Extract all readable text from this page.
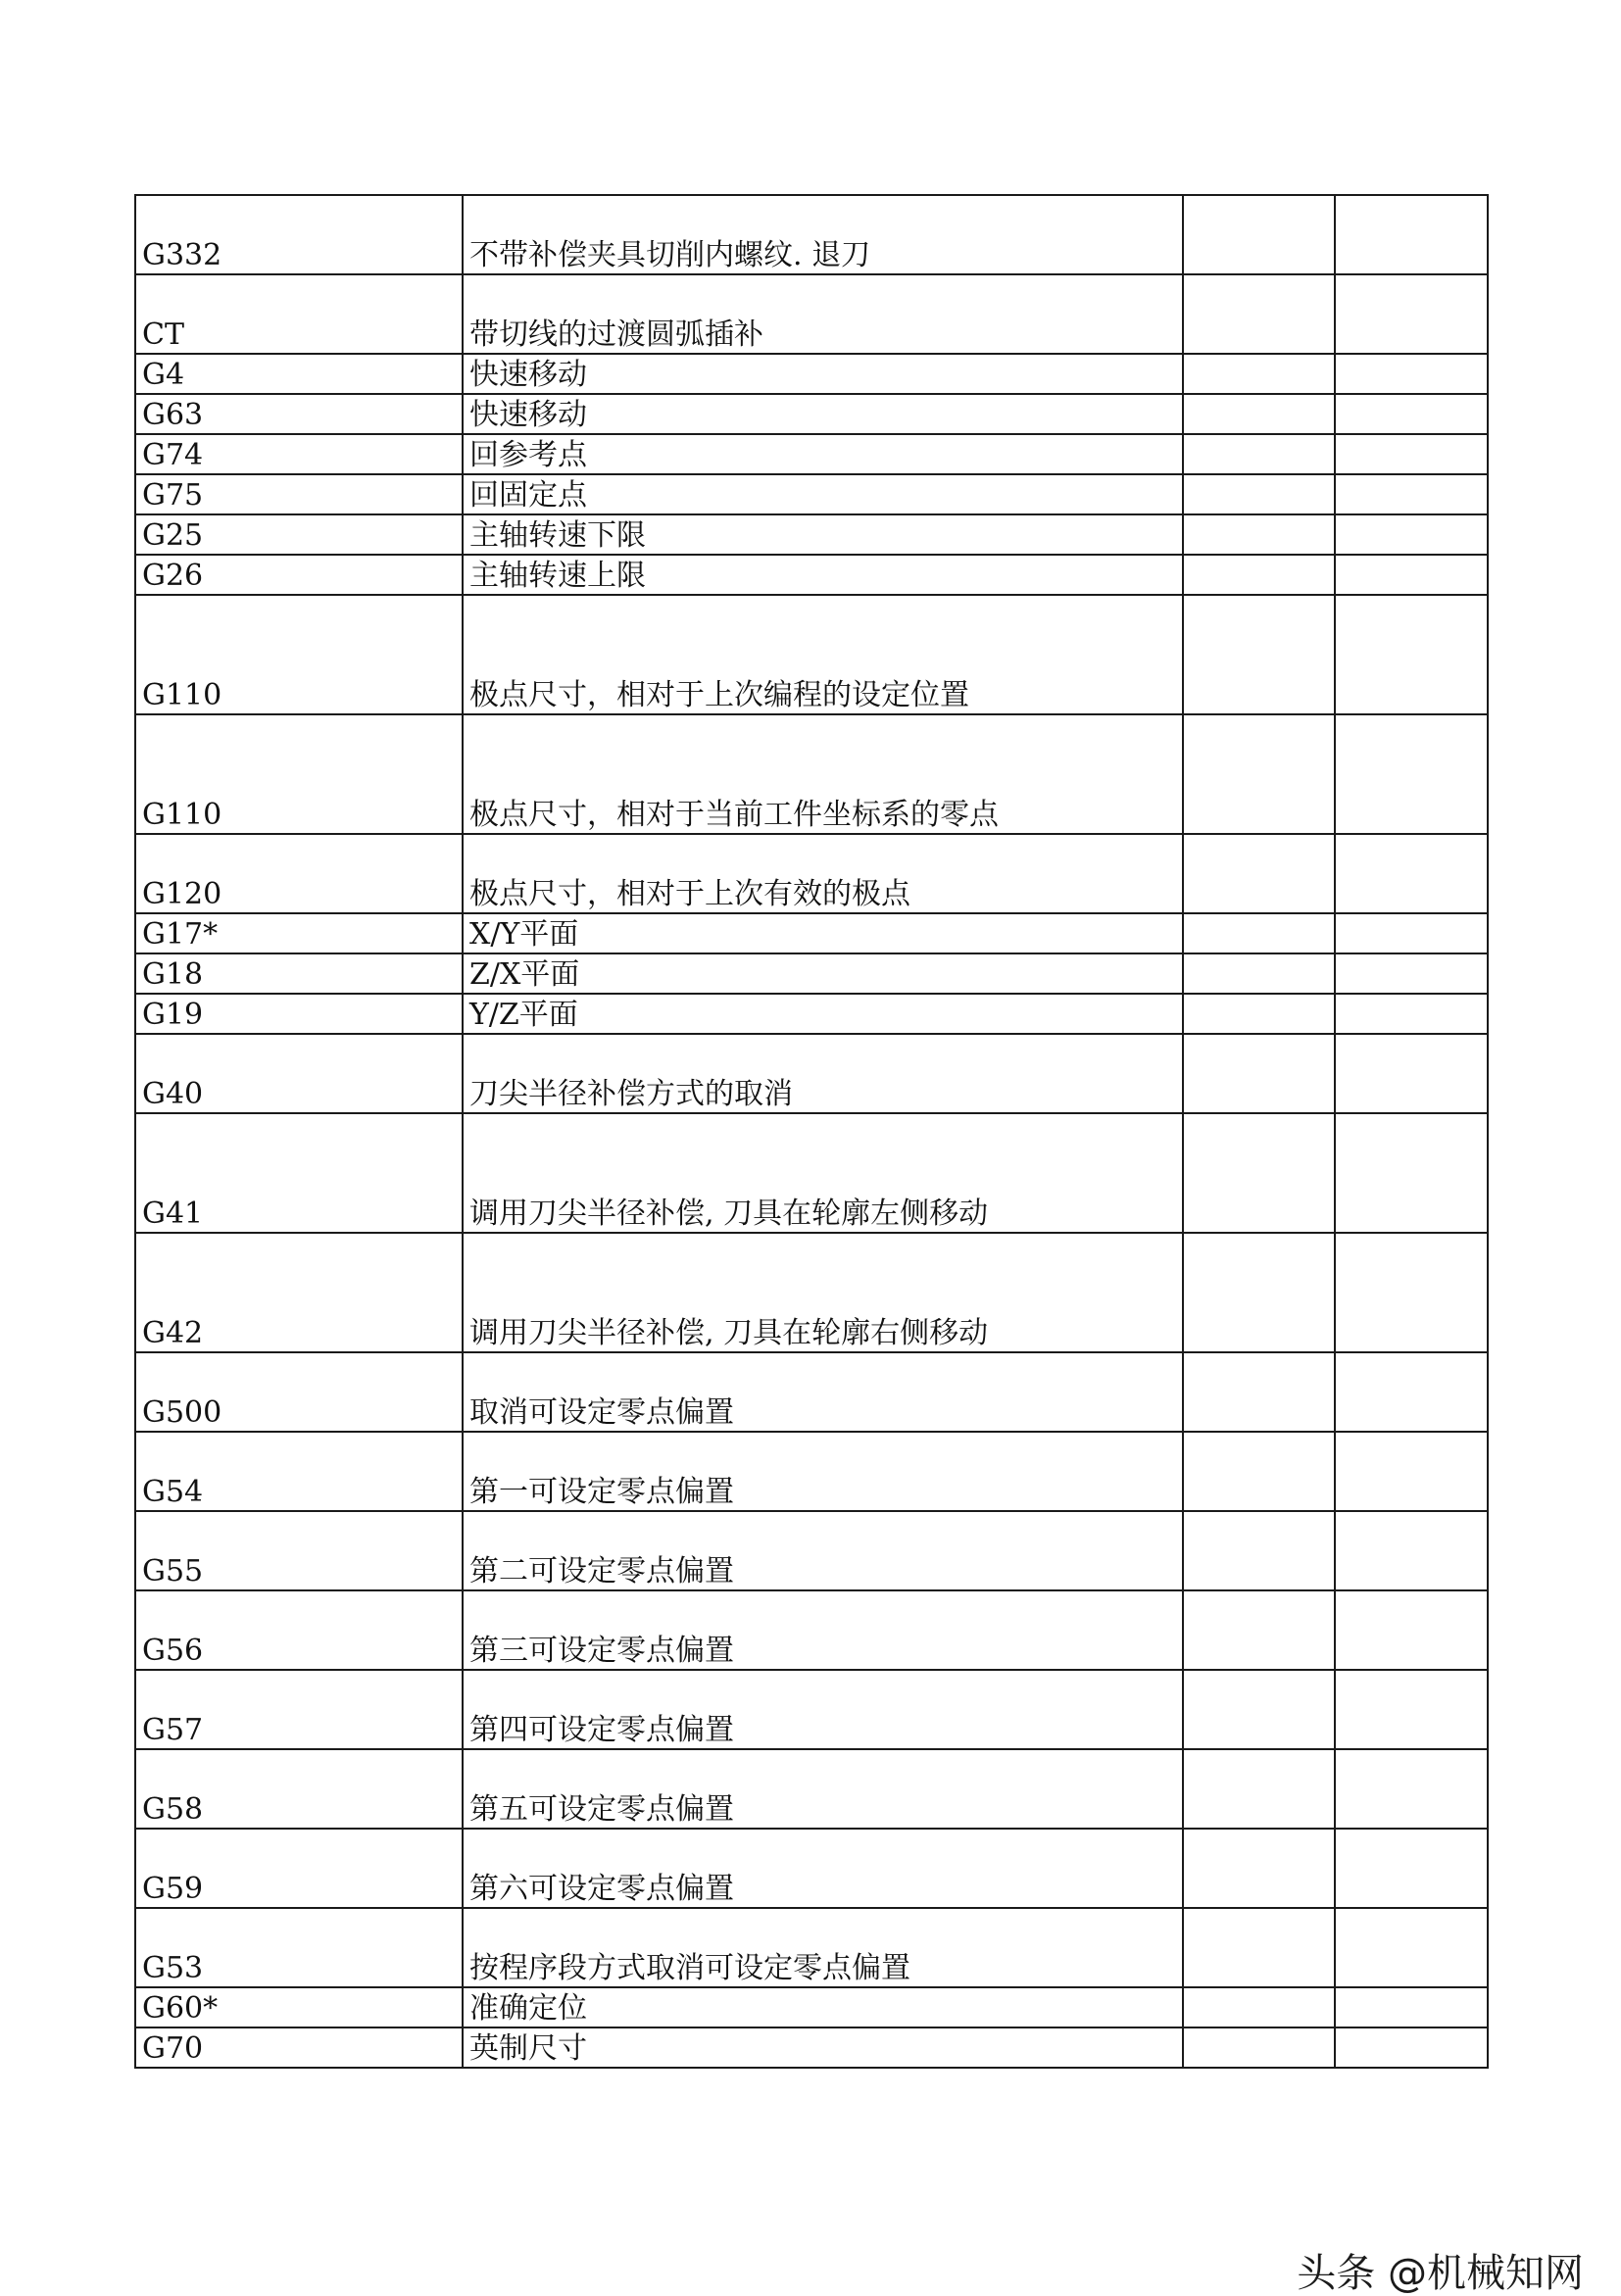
G332	不带补偿夹具切削内螺纹. 退刀		
CT	带切线的过渡圆弧插补		
G4	快速移动		
G63	快速移动		
G74	回参考点		
G75	回固定点		
G25	主轴转速下限		
G26	主轴转速上限		
G110	极点尺寸，相对于上次编程的设定位置		
G110	极点尺寸，相对于当前工件坐标系的零点		
G120	极点尺寸，相对于上次有效的极点		
G17*	X/Y平面		
G18	Z/X平面		
G19	Y/Z平面		
G40	刀尖半径补偿方式的取消		
G41	调用刀尖半径补偿, 刀具在轮廓左侧移动		
G42	调用刀尖半径补偿, 刀具在轮廓右侧移动		
G500	取消可设定零点偏置		
G54	第一可设定零点偏置		
G55	第二可设定零点偏置		
G56	第三可设定零点偏置		
G57	第四可设定零点偏置		
G58	第五可设定零点偏置		
G59	第六可设定零点偏置		
G53	按程序段方式取消可设定零点偏置		
G60*	准确定位		
G70	英制尺寸		
头条 @机械知网
